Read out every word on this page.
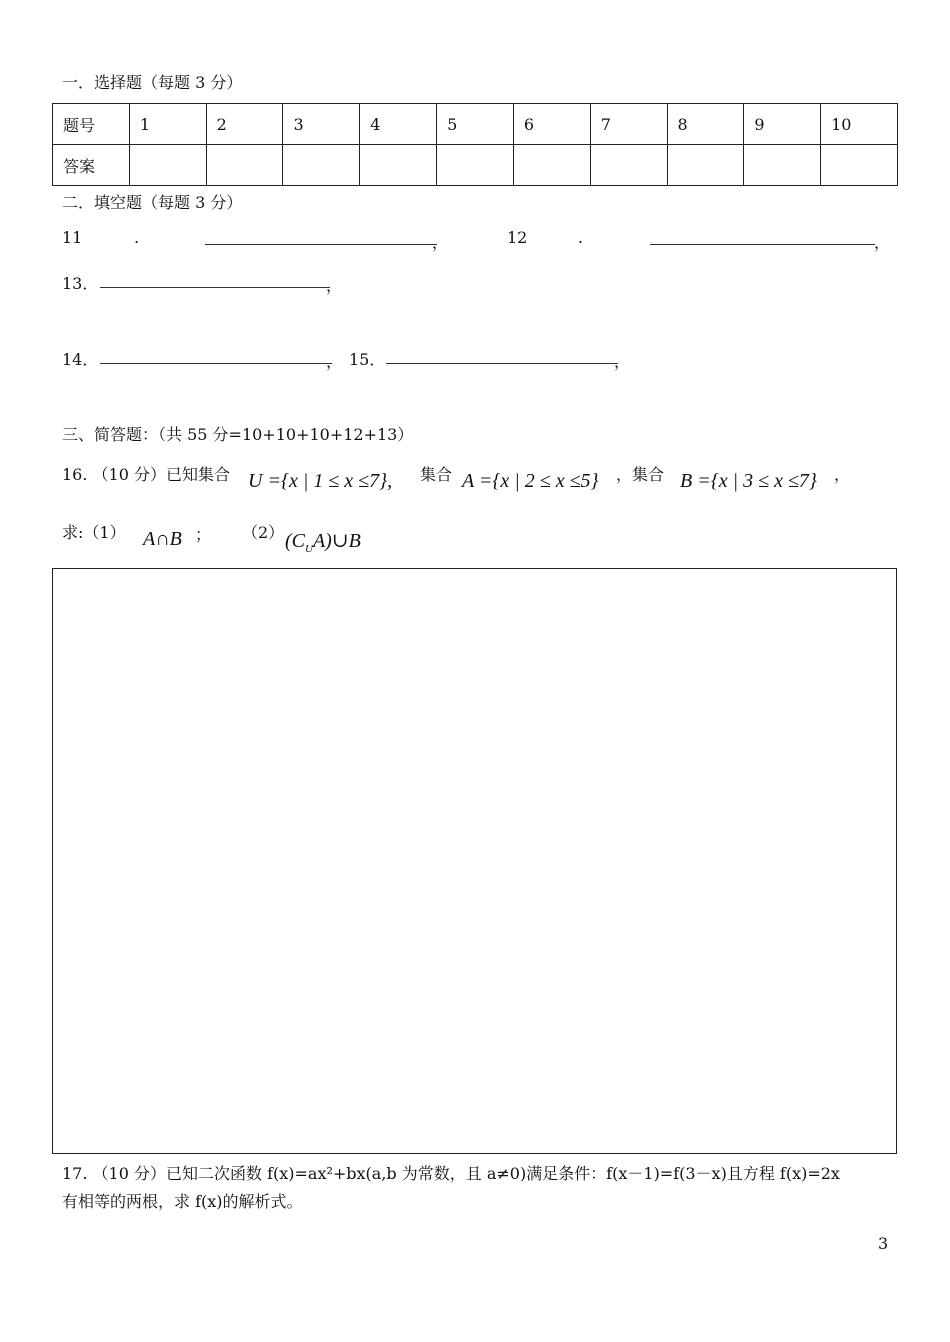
一．选择题（每题 3 分）
题号	1	2	3	4	5	6	7	8	9	10
答案										
二．填空题（每题 3 分）
11	.	，	12	.	，
13．	，
14．	， 15．	，
三、简答题：（共 55 分=10+10+10+12+13）
16. （10 分）已知集合 U ={x | 1 ≤ x ≤7}, 集合 A ={x | 2 ≤ x ≤5} ，集合 B ={x | 3 ≤ x ≤7} ，
求:（1） A∩B ； （2） $(C_UA)\cup B$
17. （10 分）已知二次函数 f(x)=ax²+bx(a,b 为常数，且 a≠0)满足条件：f(x－1)=f(3－x)且方程 f(x)=2x
有相等的两根，求 f(x)的解析式。
3
